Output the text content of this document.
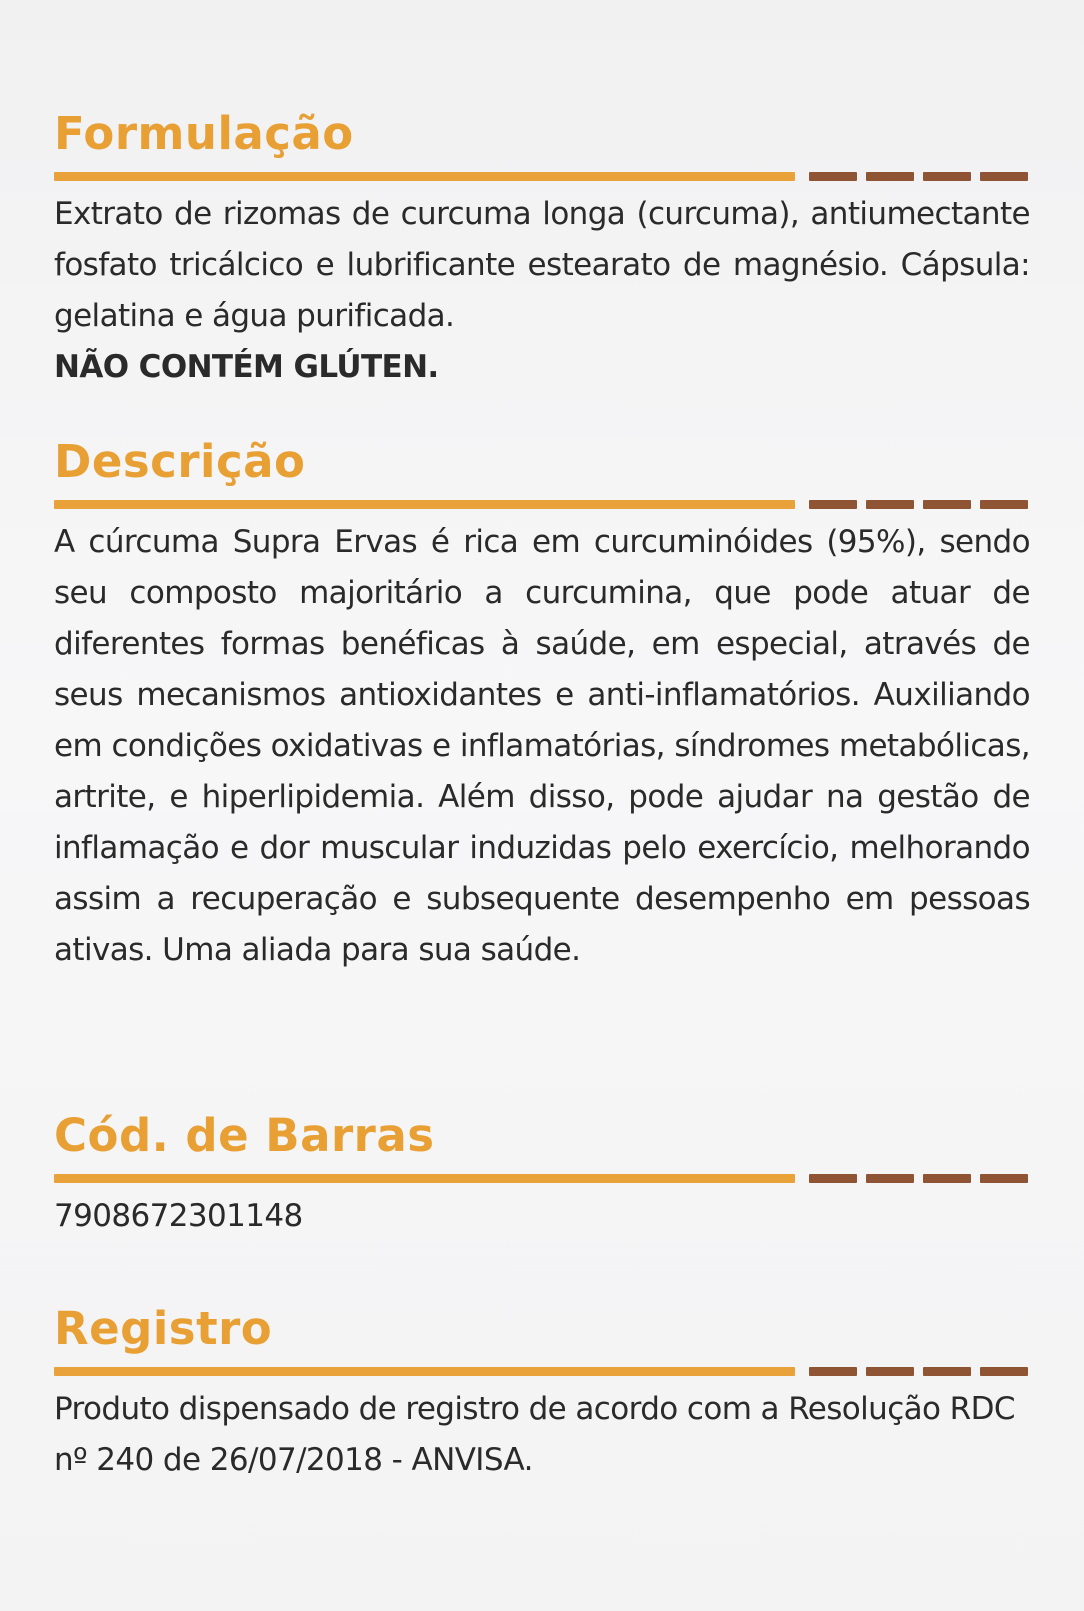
Formulação

Extrato de rizomas de curcuma longa (curcuma), antiumectante fosfato tricálcico e lubrificante estearato de magnésio. Cápsula: gelatina e água purificada.
NÃO CONTÉM GLÚTEN.

Descrição

A cúrcuma Supra Ervas é rica em curcuminóides (95%), sendo seu composto majoritário a curcumina, que pode atuar de diferentes formas benéficas à saúde, em especial, através de seus mecanismos antioxidantes e anti-inflamatórios. Auxiliando em condições oxidativas e inflamatórias, síndromes metabólicas, artrite, e hiperlipidemia. Além disso, pode ajudar na gestão de inflamação e dor muscular induzidas pelo exercício, melhorando assim a recuperação e subsequente desempenho em pessoas ativas. Uma aliada para sua saúde.

Cód. de Barras

7908672301148

Registro

Produto dispensado de registro de acordo com a Resolução RDC nº 240 de 26/07/2018 - ANVISA.
